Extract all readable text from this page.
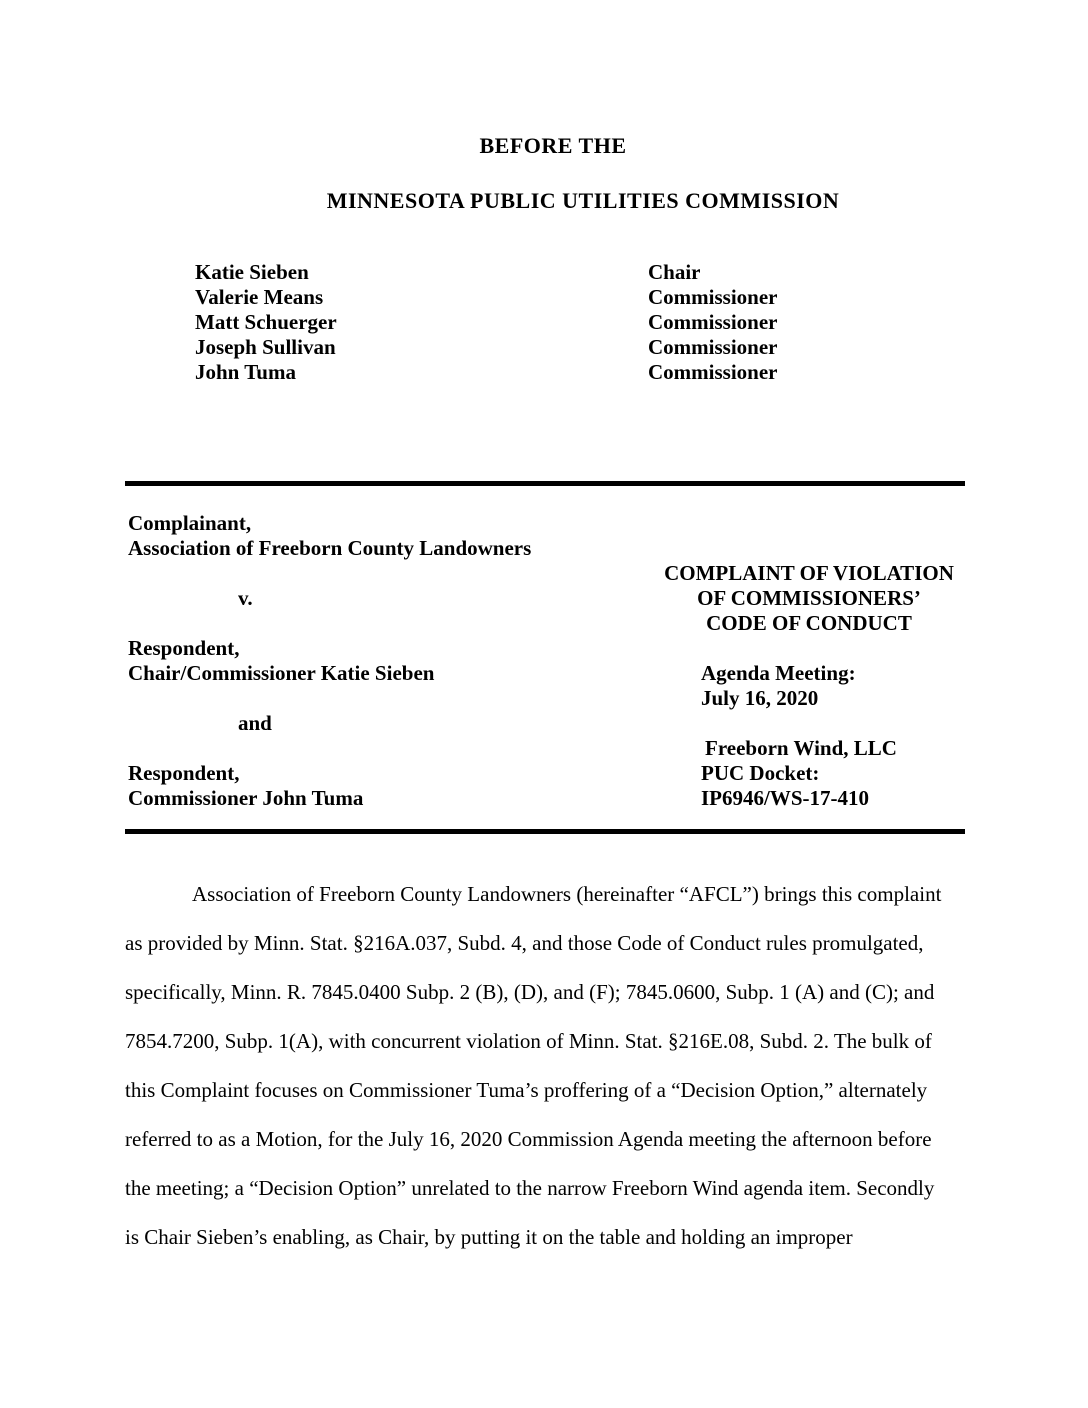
BEFORE THE
MINNESOTA PUBLIC UTILITIES COMMISSION
Katie Sieben	Chair
Valerie Means	Commissioner
Matt Schuerger	Commissioner
Joseph Sullivan	Commissioner
John Tuma	Commissioner
Complainant,
Association of Freeborn County Landowners
v.
Respondent,
Chair/Commissioner Katie Sieben
and
Respondent,
Commissioner John Tuma
COMPLAINT OF VIOLATION
OF COMMISSIONERS’
CODE OF CONDUCT
Agenda Meeting:
July 16, 2020
Freeborn Wind, LLC
PUC Docket:
IP6946/WS-17-410
Association of Freeborn County Landowners (hereinafter “AFCL”) brings this complaint
as provided by Minn. Stat. §216A.037, Subd. 4, and those Code of Conduct rules promulgated,
specifically, Minn. R. 7845.0400 Subp. 2 (B), (D), and (F); 7845.0600, Subp. 1 (A) and (C); and
7854.7200, Subp. 1(A), with concurrent violation of Minn. Stat. §216E.08, Subd. 2. The bulk of
this Complaint focuses on Commissioner Tuma’s proffering of a “Decision Option,” alternately
referred to as a Motion, for the July 16, 2020 Commission Agenda meeting the afternoon before
the meeting; a “Decision Option” unrelated to the narrow Freeborn Wind agenda item. Secondly
is Chair Sieben’s enabling, as Chair, by putting it on the table and holding an improper
